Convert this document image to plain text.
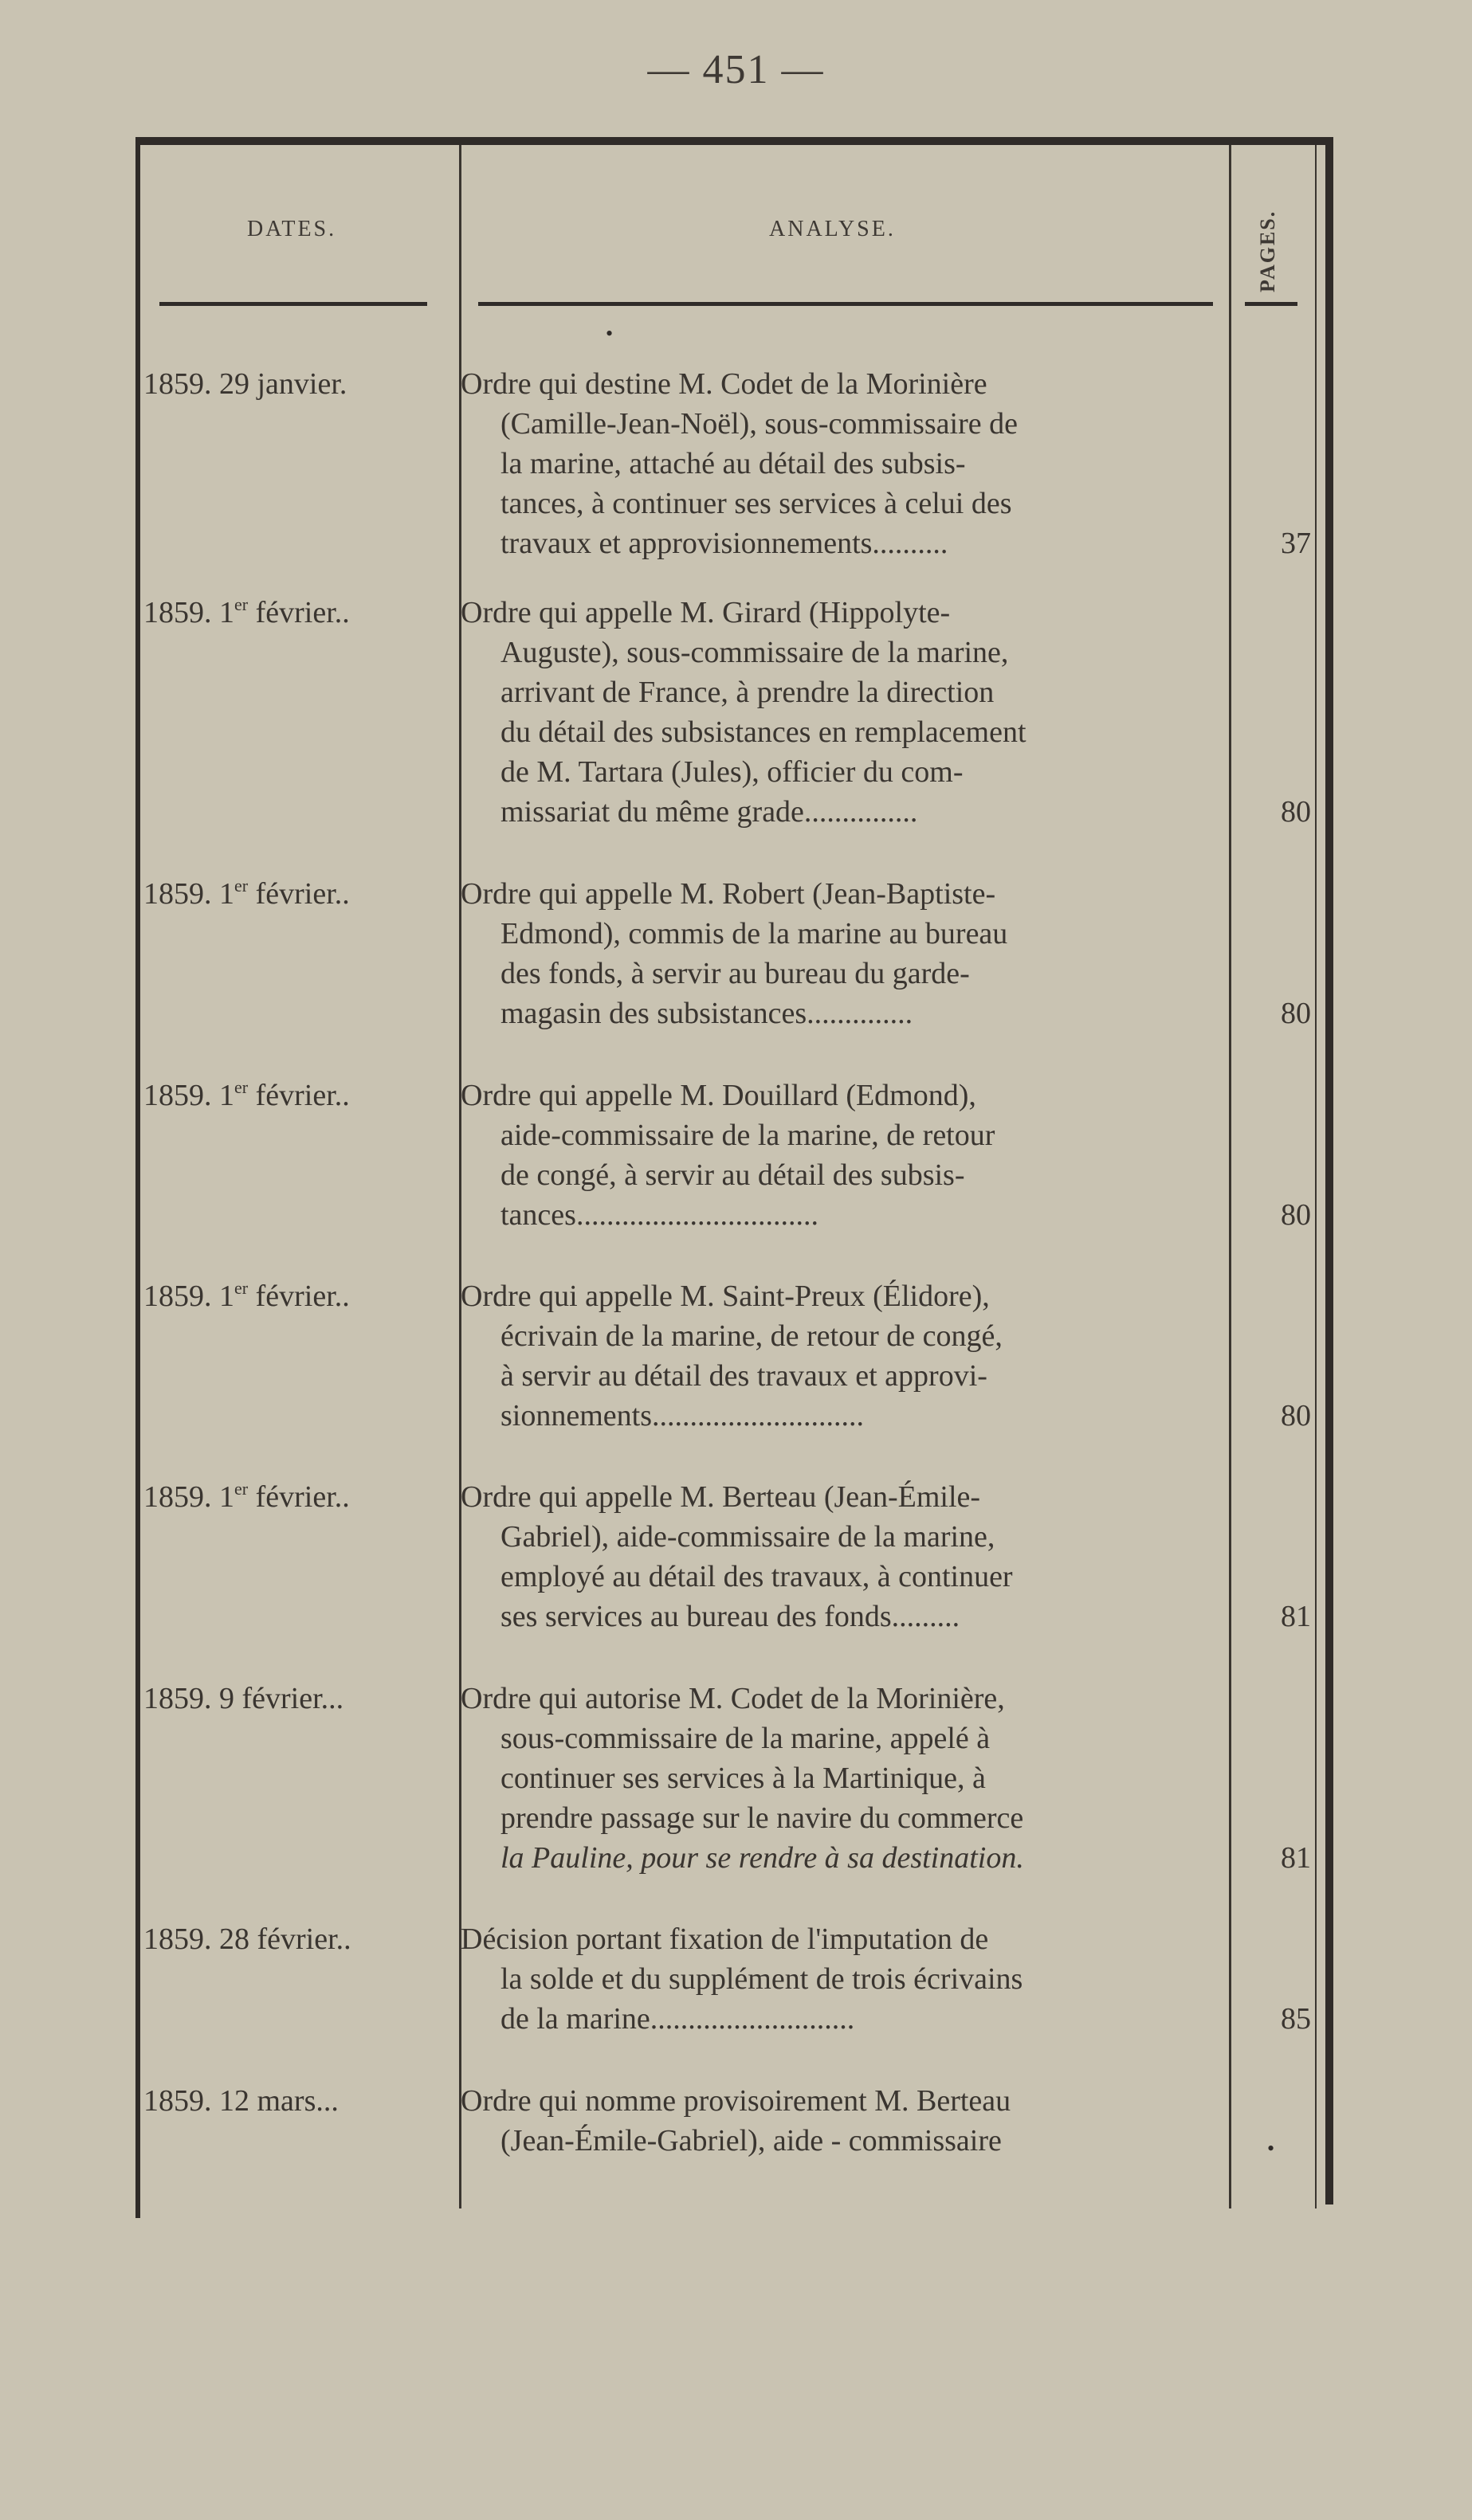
— 451 —
DATES.	ANALYSE.	PAGES.
•
•
1859. 29 janvier.	Ordre qui destine M. Codet de la Morinière
(Camille-Jean-Noël), sous-commissaire de
la marine, attaché au détail des subsis-
tances, à continuer ses services à celui des
travaux et approvisionnements..........	37
1859. 1er février..	Ordre qui appelle M. Girard (Hippolyte-
Auguste), sous-commissaire de la marine,
arrivant de France, à prendre la direction
du détail des subsistances en remplacement
de M. Tartara (Jules), officier du com-
missariat du même grade...............	80
1859. 1er février..	Ordre qui appelle M. Robert (Jean-Baptiste-
Edmond), commis de la marine au bureau
des fonds, à servir au bureau du garde-
magasin des subsistances..............	80
1859. 1er février..	Ordre qui appelle M. Douillard (Edmond),
aide-commissaire de la marine, de retour
de congé, à servir au détail des subsis-
tances................................	80
1859. 1er février..	Ordre qui appelle M. Saint-Preux (Élidore),
écrivain de la marine, de retour de congé,
à servir au détail des travaux et approvi-
sionnements............................	80
1859. 1er février..	Ordre qui appelle M. Berteau (Jean-Émile-
Gabriel), aide-commissaire de la marine,
employé au détail des travaux, à continuer
ses services au bureau des fonds.........	81
1859. 9 février...	Ordre qui autorise M. Codet de la Morinière,
sous-commissaire de la marine, appelé à
continuer ses services à la Martinique, à
prendre passage sur le navire du commerce
la Pauline, pour se rendre à sa destination.	81
1859. 28 février..	Décision portant fixation de l'imputation de
la solde et du supplément de trois écrivains
de la marine...........................	85
1859. 12 mars...	Ordre qui nomme provisoirement M. Berteau
(Jean-Émile-Gabriel), aide - commissaire
